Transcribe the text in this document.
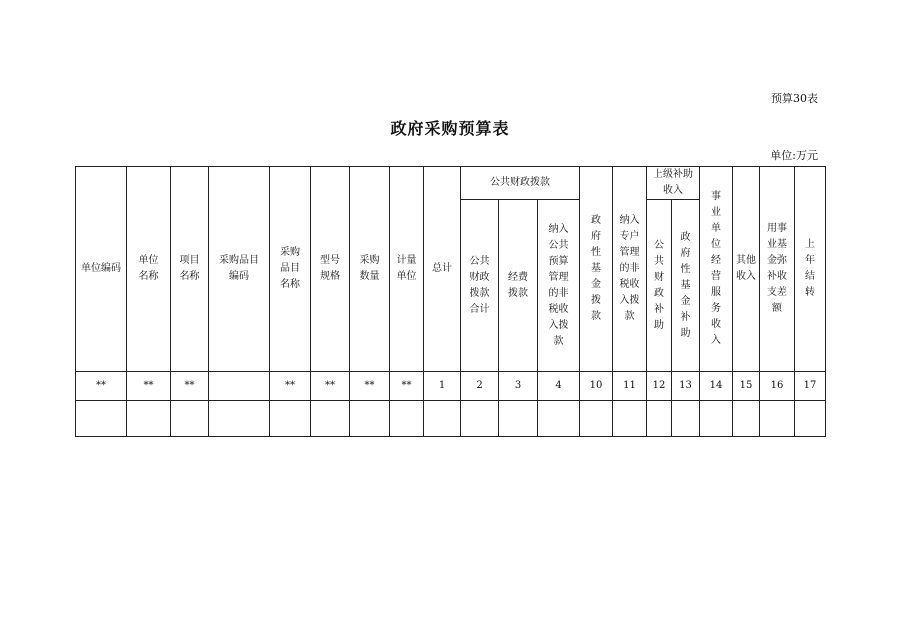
预算30表
政府采购预算表
单位:万元
单位编码	单位名称	项目名称	采购品目编码	采购品目名称	型号规格	采购数量	计量单位	总计	公共财政拨款			政府性基金拨款	纳入专户管理的非税收入拨款	上级补助收入		事业单位经营服务收入	其他收入	用事业基金弥补收支差额	上年结转
									公共财政拨款合计	经费拨款	纳入公共预算管理的非税收入拨款			公共财政补助	政府性基金补助				

**	**	**		**	**	**	**	1	2	3	4	10	11	12	13	14	15	16	17
